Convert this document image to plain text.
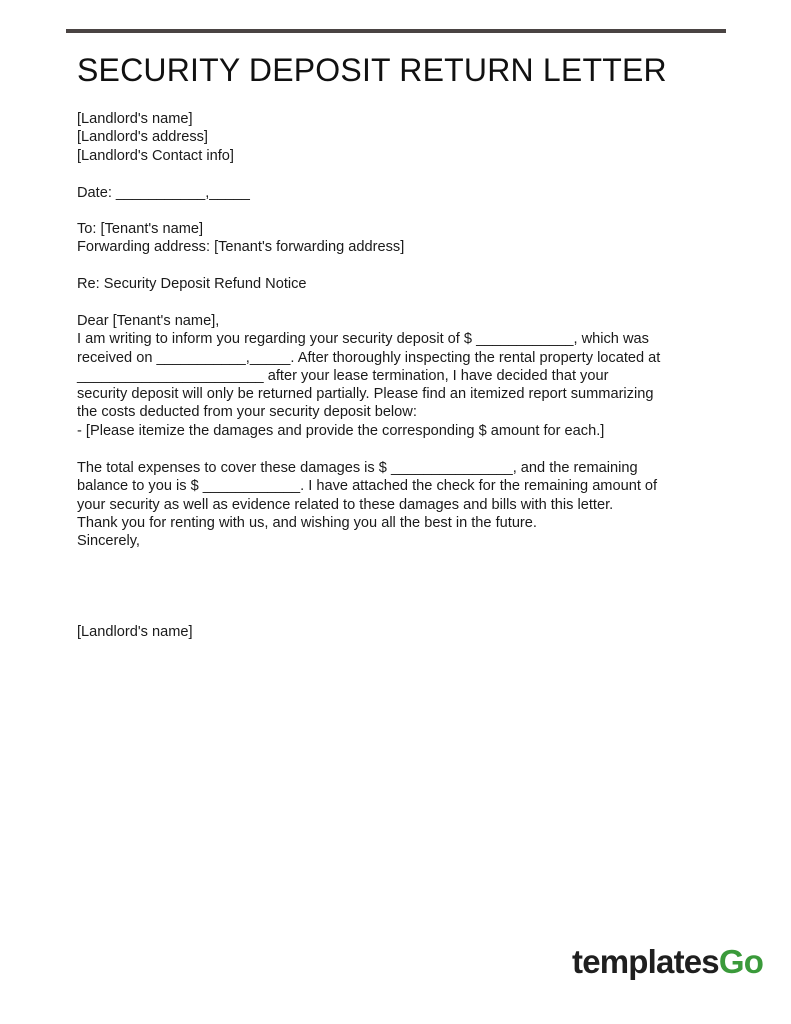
SECURITY DEPOSIT RETURN LETTER
[Landlord's name]
[Landlord's address]
[Landlord's Contact info]
Date: ___________,_____
To: [Tenant's name]
Forwarding address: [Tenant's forwarding address]
Re: Security Deposit Refund Notice
Dear [Tenant's name],
I am writing to inform you regarding your security deposit of $ ____________, which was
received on ___________,_____. After thoroughly inspecting the rental property located at
_______________________ after your lease termination, I have decided that your
security deposit will only be returned partially. Please find an itemized report summarizing
the costs deducted from your security deposit below:
- [Please itemize the damages and provide the corresponding $ amount for each.]
The total expenses to cover these damages is $ _______________, and the remaining
balance to you is $ ____________. I have attached the check for the remaining amount of
your security as well as evidence related to these damages and bills with this letter.
Thank you for renting with us, and wishing you all the best in the future.
Sincerely,
[Landlord's name]
templatesGo
